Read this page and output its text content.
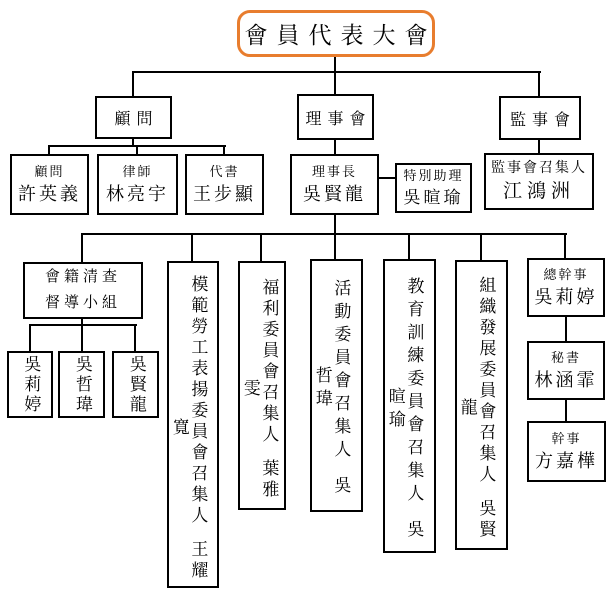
會員代表大會
顧問	理事會	監事會
顧問
許英義
律師
林亮宇
代書
王步顯
理事長
吳賢龍
特別助理
吳暄瑜
監事會召集人
江鴻洲
會籍清查
督導小組
吳莉婷 吳哲瑋 吳賢龍	模範勞工表揚委員會召集人王耀寬	福利委員會召集人葉雅雯	活動委員會召集人吳哲瑋	教育訓練委員會召集人吳暄瑜	組織發展委員會召集人吳賢龍
總幹事
吳莉婷
秘書
林涵霏
幹事
方嘉樺
